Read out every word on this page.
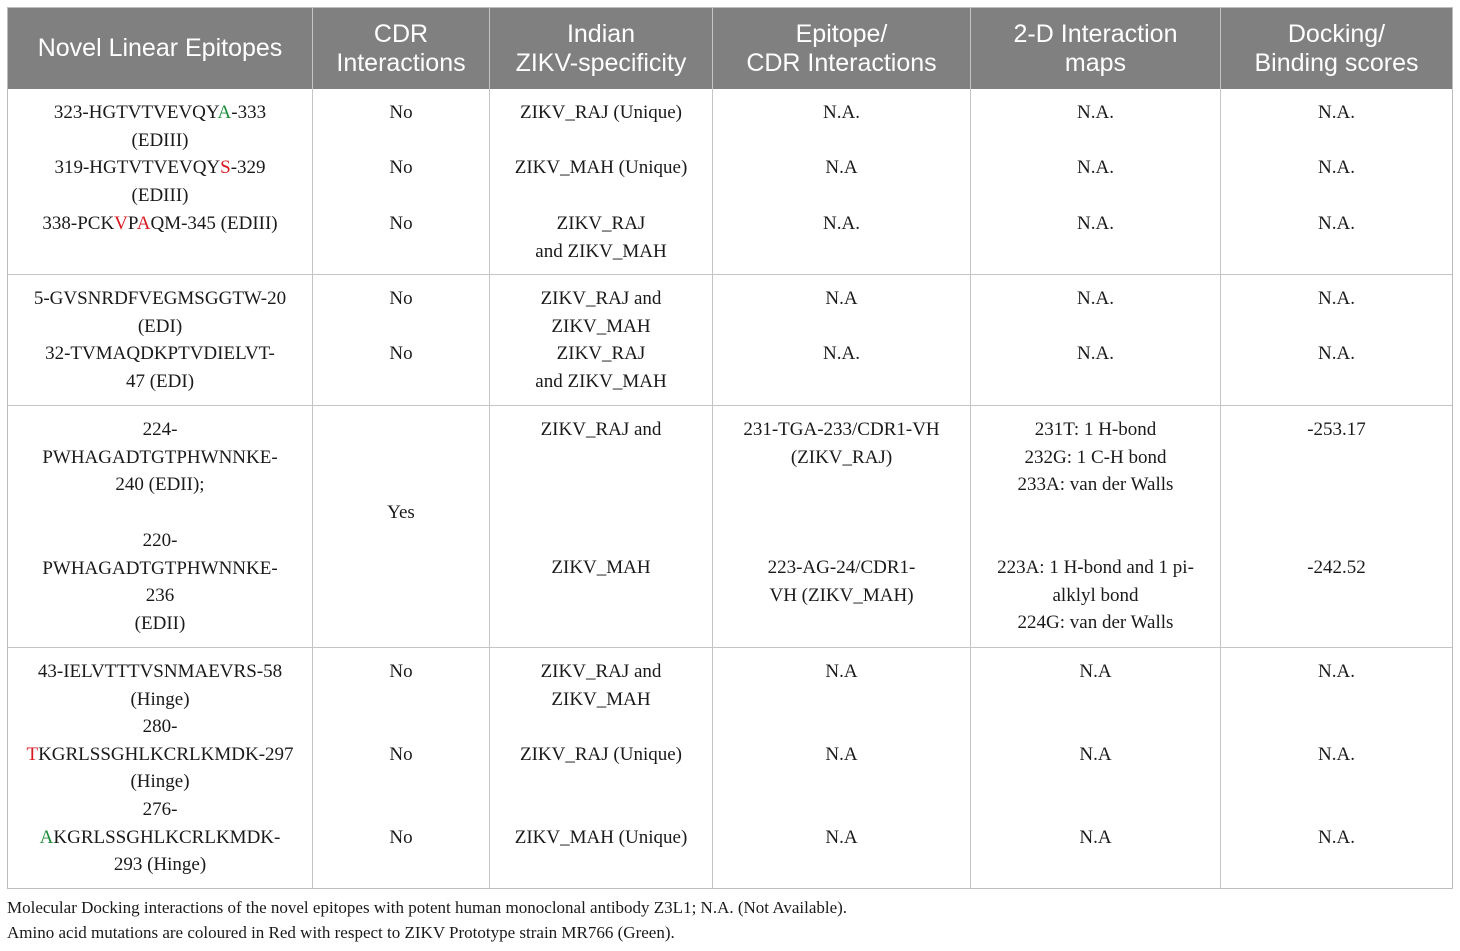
Novel Linear Epitopes
CDR
Interactions
Indian
ZIKV-specificity
Epitope/
CDR Interactions
2-D Interaction
maps
Docking/
Binding scores
323-HGTVTVEVQYA-333
(EDIII)
319-HGTVTVEVQYS-329
(EDIII)
338-PCKVPAQM-345 (EDIII)
No
No
No
ZIKV_RAJ (Unique)
ZIKV_MAH (Unique)
ZIKV_RAJ
and ZIKV_MAH
N.A.
N.A
N.A.
N.A.
N.A.
N.A.
N.A.
N.A.
N.A.
5-GVSNRDFVEGMSGGTW-20
(EDI)
32-TVMAQDKPTVDIELVT-
47 (EDI)
No
No
ZIKV_RAJ and
ZIKV_MAH
ZIKV_RAJ
and ZIKV_MAH
N.A
N.A.
N.A.
N.A.
N.A.
N.A.
224-
PWHAGADTGTPHWNNKE-
240 (EDII);
220-
PWHAGADTGTPHWNNKE-
236
(EDII)
Yes
ZIKV_RAJ and
ZIKV_MAH
231-TGA-233/CDR1-VH
(ZIKV_RAJ)
223-AG-24/CDR1-
VH (ZIKV_MAH)
231T: 1 H-bond
232G: 1 C-H bond
233A: van der Walls
223A: 1 H-bond and 1 pi-
alklyl bond
224G: van der Walls
-253.17
-242.52
43-IELVTTTVSNMAEVRS-58
(Hinge)
280-
TKGRLSSGHLKCRLKMDK-297
(Hinge)
276-
AKGRLSSGHLKCRLKMDK-
293 (Hinge)
No
No
No
ZIKV_RAJ and
ZIKV_MAH
ZIKV_RAJ (Unique)
ZIKV_MAH (Unique)
N.A
N.A
N.A
N.A
N.A
N.A
N.A.
N.A.
N.A.
Molecular Docking interactions of the novel epitopes with potent human monoclonal antibody Z3L1; N.A. (Not Available).
Amino acid mutations are coloured in Red with respect to ZIKV Prototype strain MR766 (Green).
